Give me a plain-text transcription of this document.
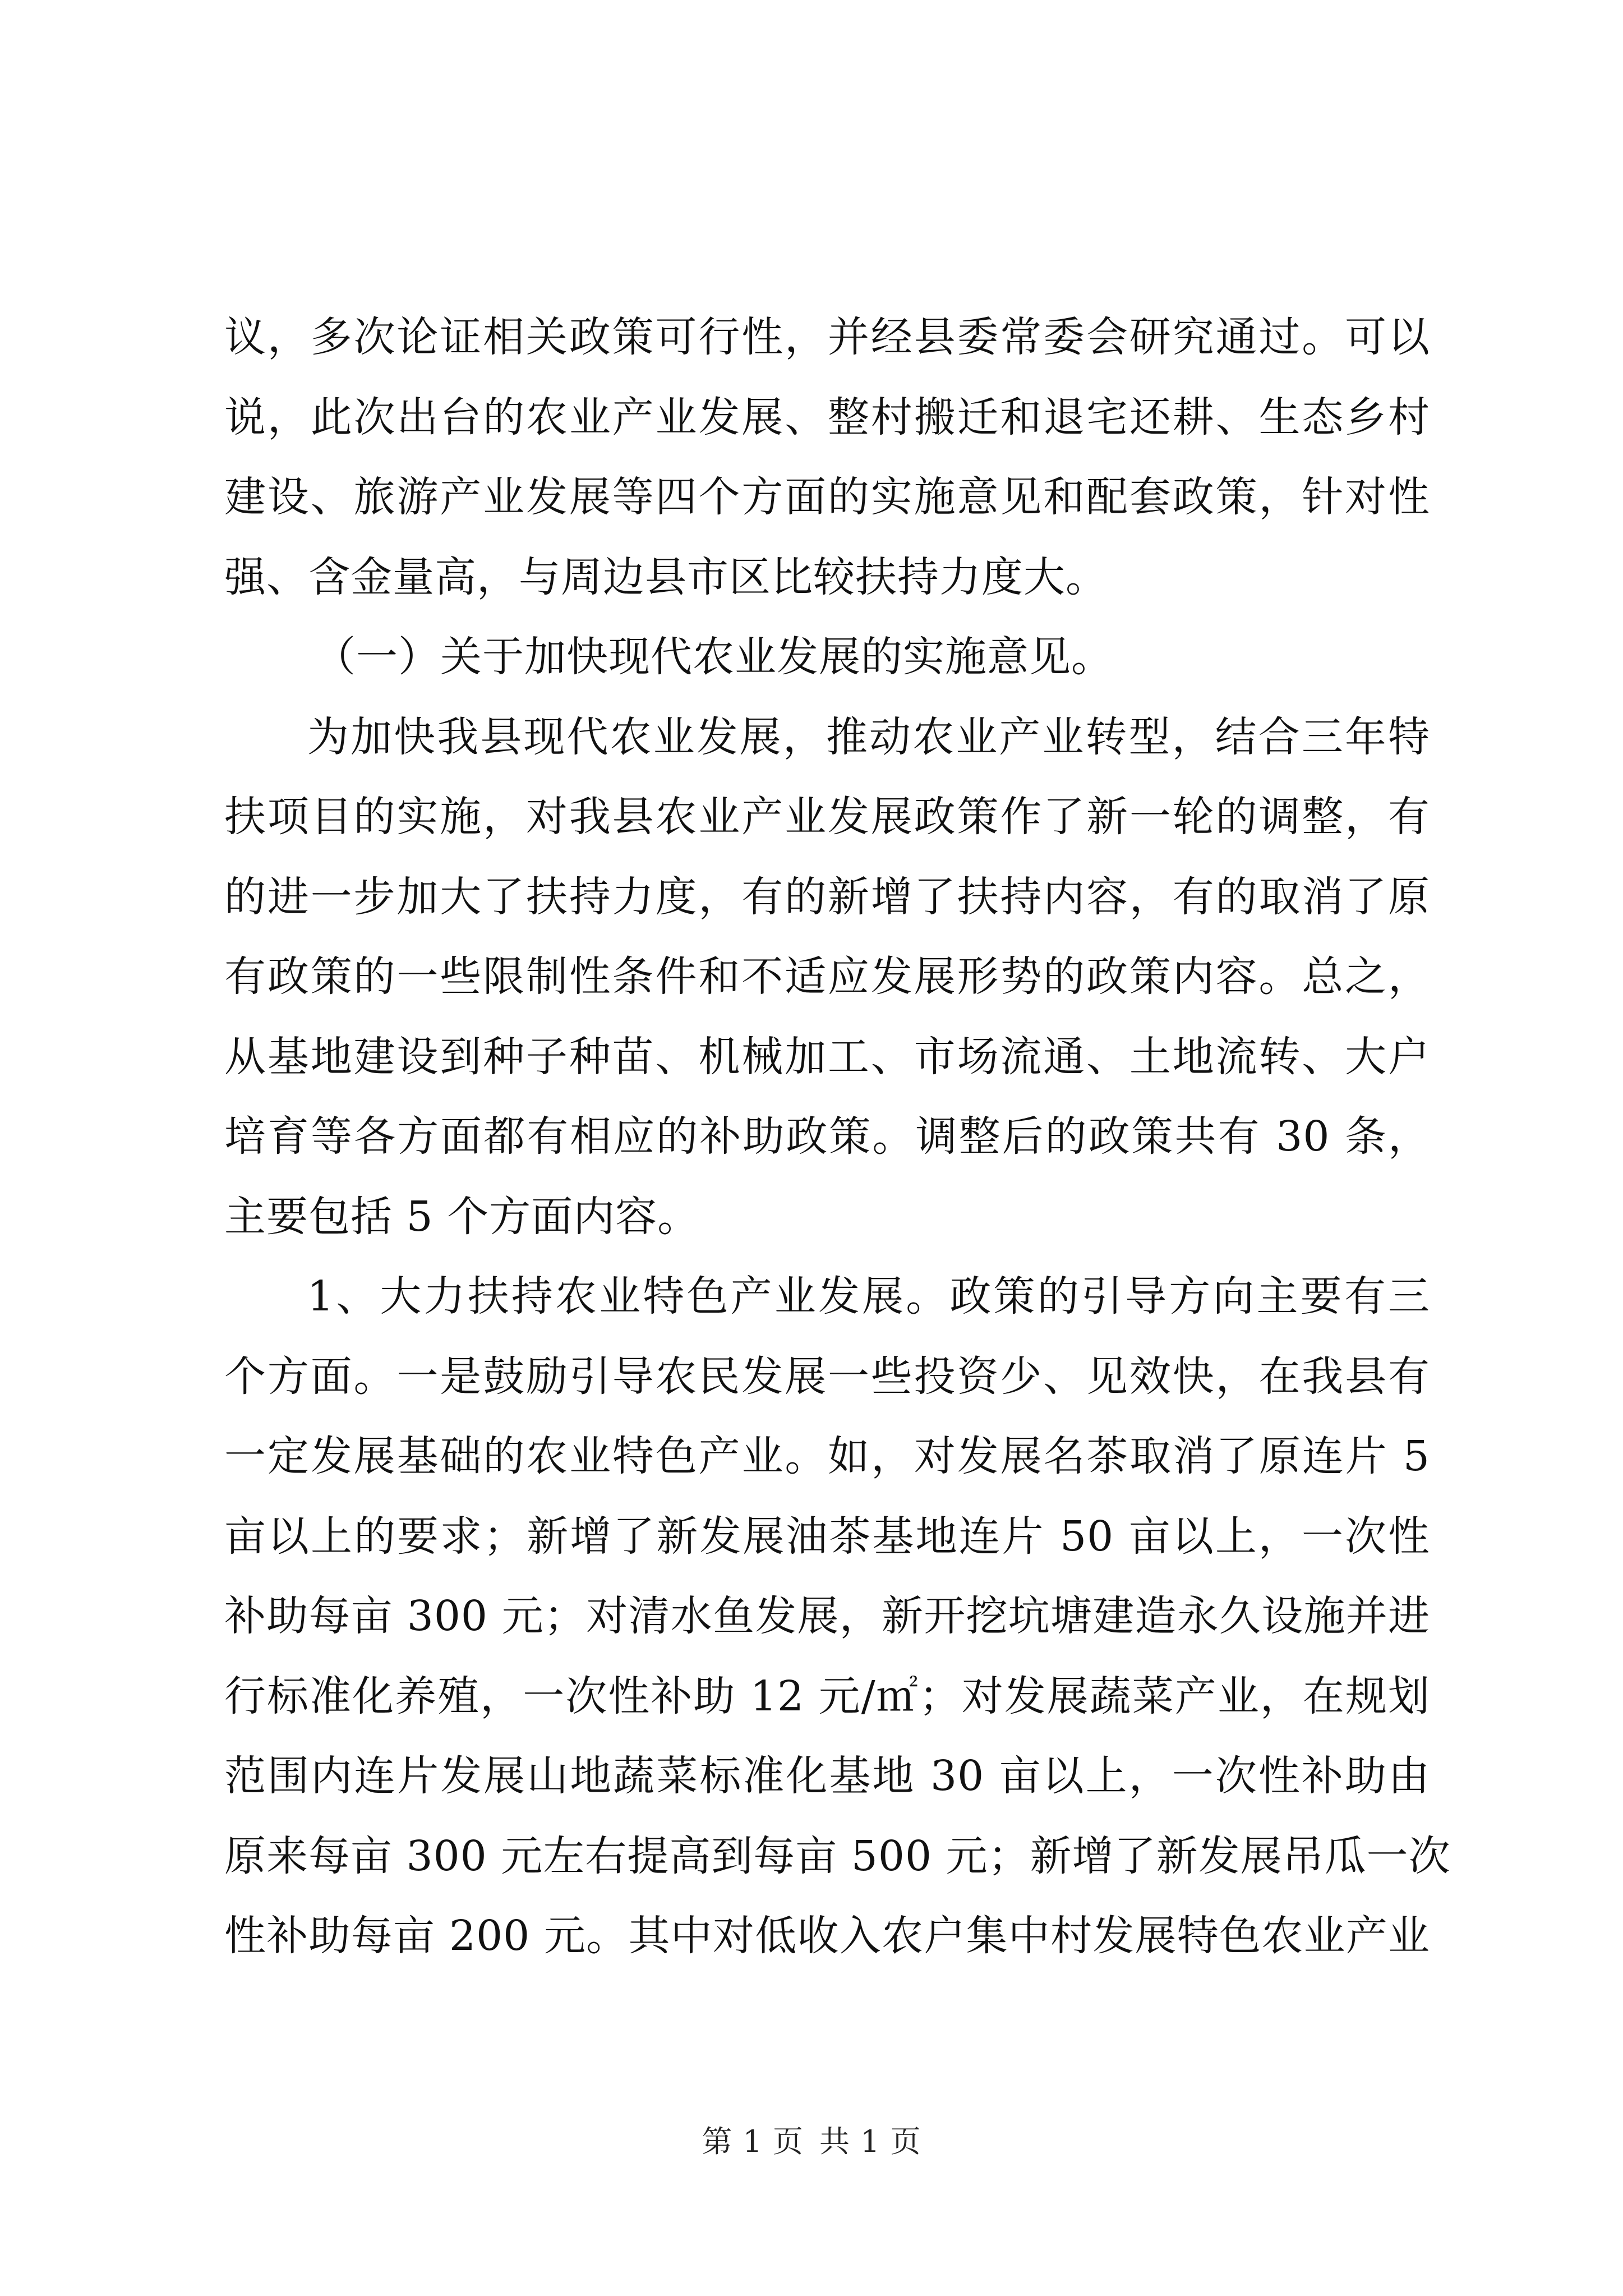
议，多次论证相关政策可行性，并经县委常委会研究通过。可以
说，此次出台的农业产业发展、整村搬迁和退宅还耕、生态乡村
建设、旅游产业发展等四个方面的实施意见和配套政策，针对性
强、含金量高，与周边县市区比较扶持力度大。
（一）关于加快现代农业发展的实施意见。
为加快我县现代农业发展，推动农业产业转型，结合三年特
扶项目的实施，对我县农业产业发展政策作了新一轮的调整，有
的进一步加大了扶持力度，有的新增了扶持内容，有的取消了原
有政策的一些限制性条件和不适应发展形势的政策内容。总之，
从基地建设到种子种苗、机械加工、市场流通、土地流转、大户
培育等各方面都有相应的补助政策。调整后的政策共有 30 条，
主要包括 5 个方面内容。
1、大力扶持农业特色产业发展。政策的引导方向主要有三
个方面。一是鼓励引导农民发展一些投资少、见效快，在我县有
一定发展基础的农业特色产业。如，对发展名茶取消了原连片 5
亩以上的要求；新增了新发展油茶基地连片 50 亩以上，一次性
补助每亩 300 元；对清水鱼发展，新开挖坑塘建造永久设施并进
行标准化养殖，一次性补助 12 元/㎡；对发展蔬菜产业，在规划
范围内连片发展山地蔬菜标准化基地 30 亩以上，一次性补助由
原来每亩 300 元左右提高到每亩 500 元；新增了新发展吊瓜一次
性补助每亩 200 元。其中对低收入农户集中村发展特色农业产业
第 1 页 共 1 页
